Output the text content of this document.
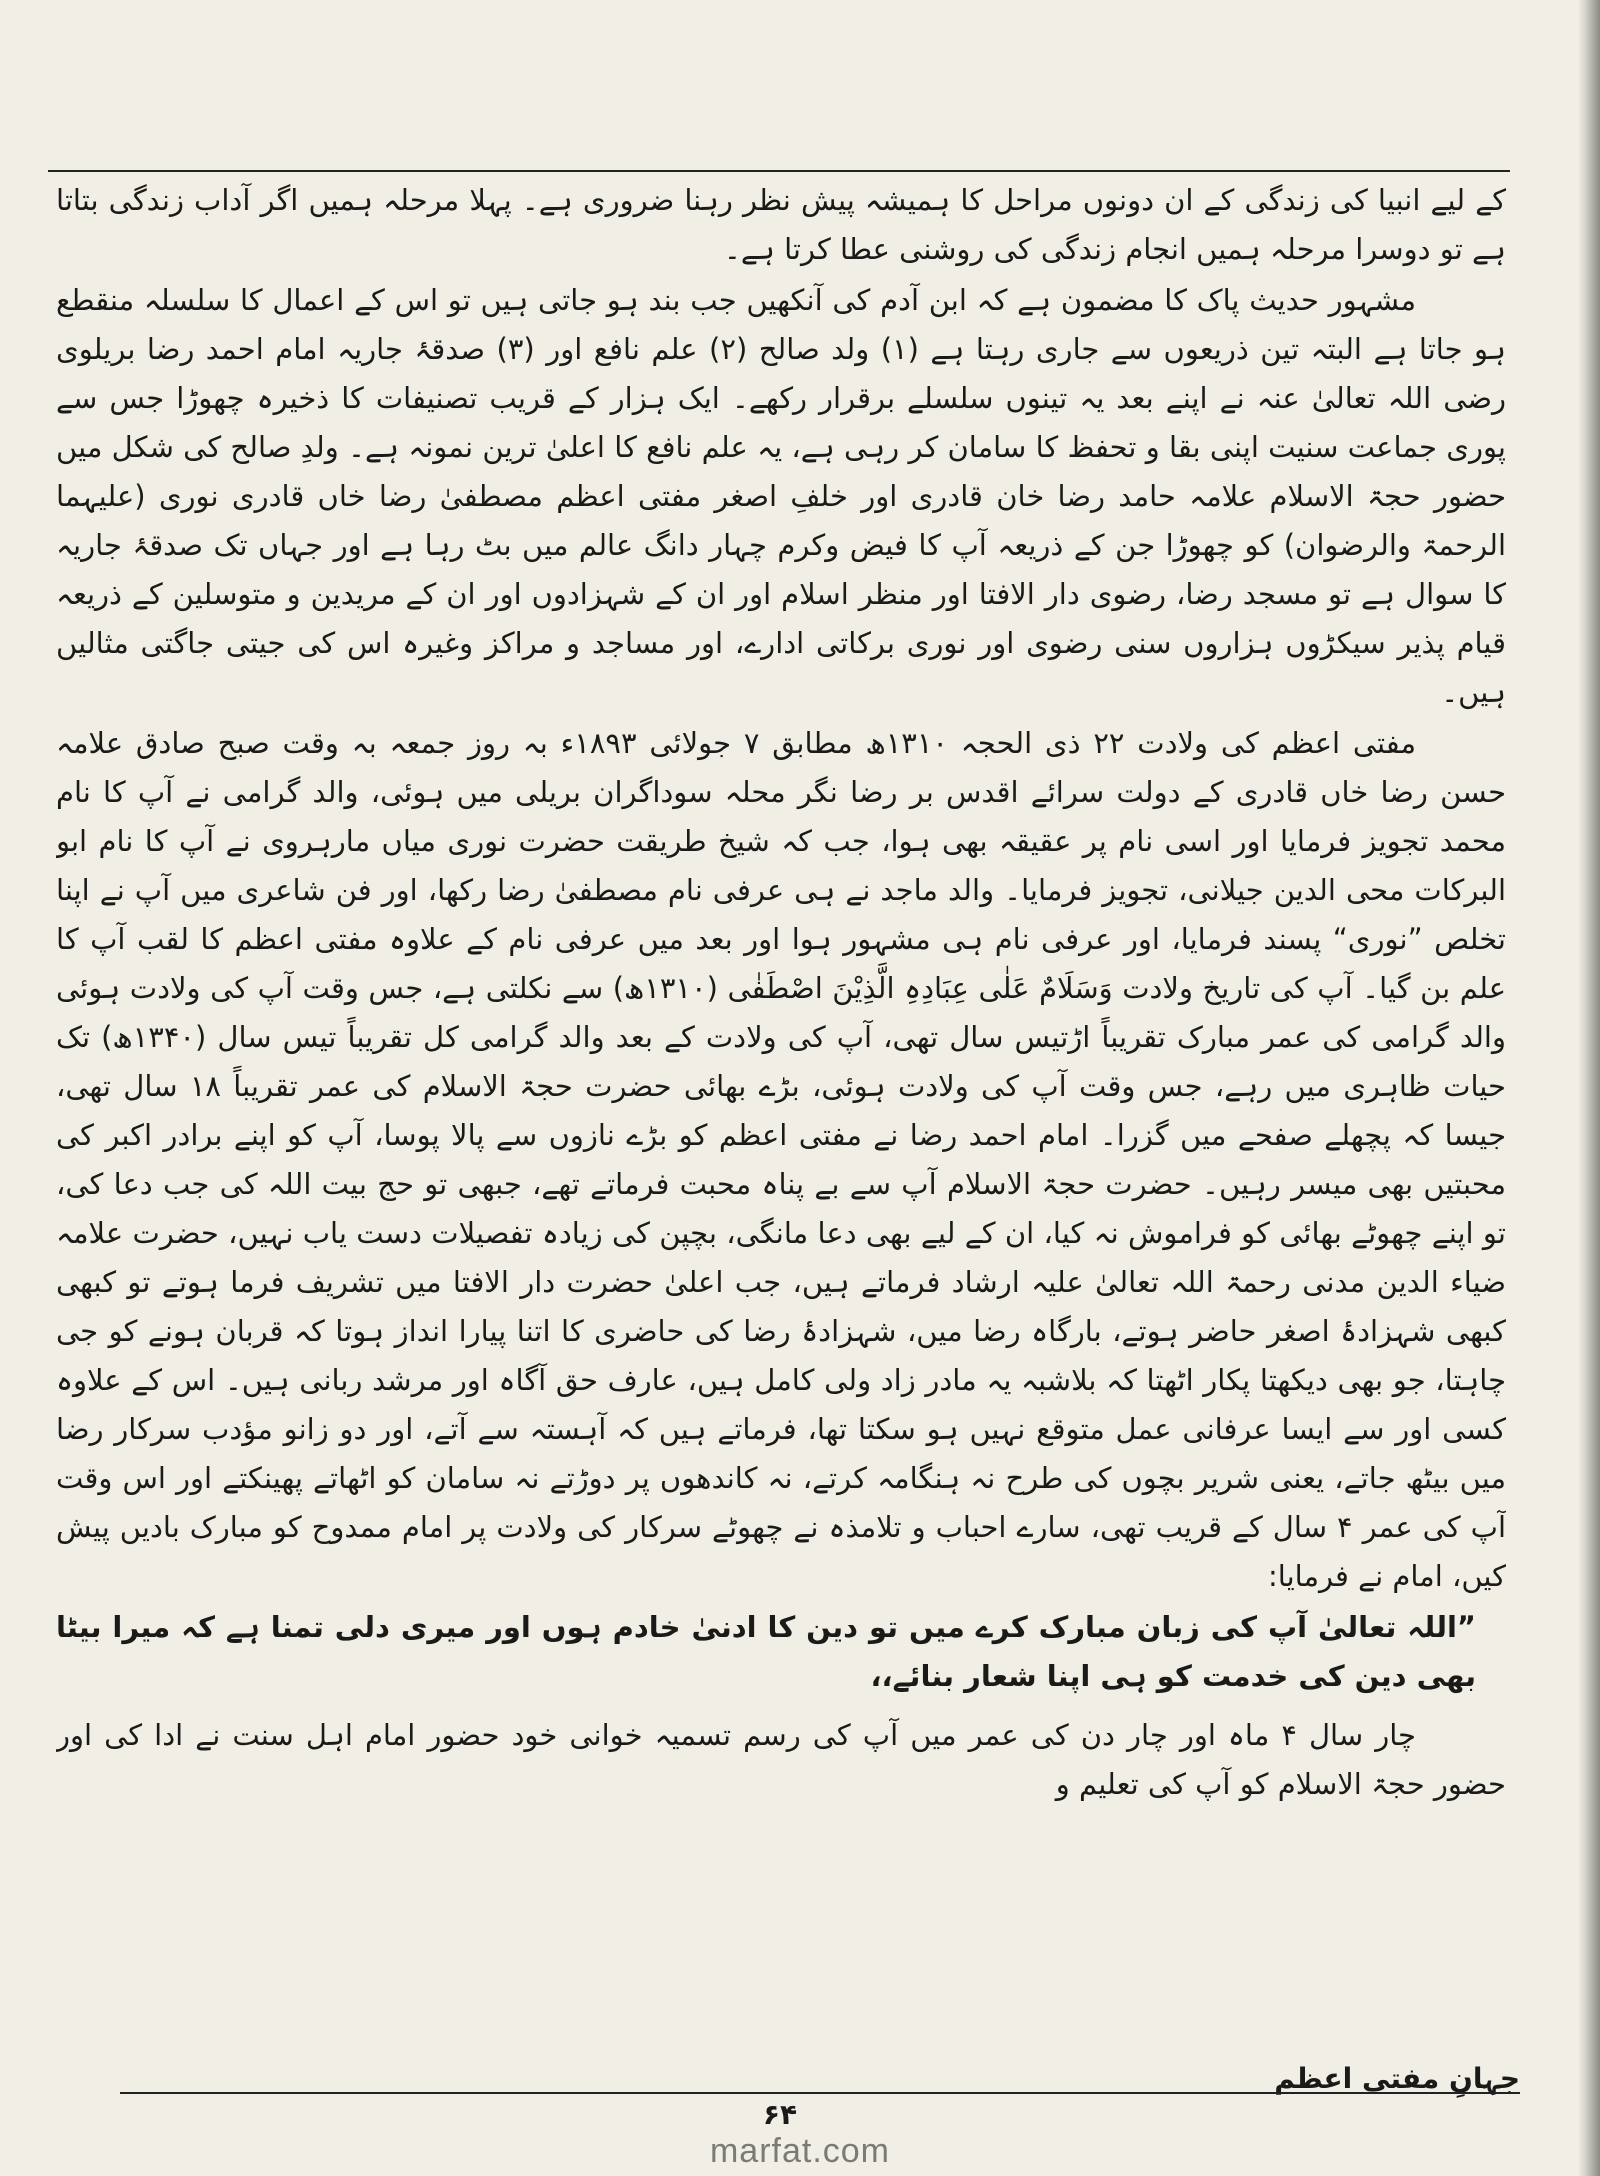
کے لیے انبیا کی زندگی کے ان دونوں مراحل کا ہمیشہ پیش نظر رہنا ضروری ہے۔ پہلا مرحلہ ہمیں اگر آداب زندگی بتاتا ہے تو دوسرا مرحلہ ہمیں انجام زندگی کی روشنی عطا کرتا ہے۔

مشہور حدیث پاک کا مضمون ہے کہ ابن آدم کی آنکھیں جب بند ہو جاتی ہیں تو اس کے اعمال کا سلسلہ منقطع ہو جاتا ہے البتہ تین ذریعوں سے جاری رہتا ہے (۱) ولد صالح (۲) علم نافع اور (۳) صدقۂ جاریہ امام احمد رضا بریلوی رضی اللہ تعالیٰ عنہ نے اپنے بعد یہ تینوں سلسلے برقرار رکھے۔ ایک ہزار کے قریب تصنیفات کا ذخیرہ چھوڑا جس سے پوری جماعت سنیت اپنی بقا و تحفظ کا سامان کر رہی ہے، یہ علم نافع کا اعلیٰ ترین نمونہ ہے۔ ولدِ صالح کی شکل میں حضور حجۃ الاسلام علامہ حامد رضا خان قادری اور خلفِ اصغر مفتی اعظم مصطفیٰ رضا خاں قادری نوری (علیہما الرحمۃ والرضوان) کو چھوڑا جن کے ذریعہ آپ کا فیض وکرم چہار دانگ عالم میں بٹ رہا ہے اور جہاں تک صدقۂ جاریہ کا سوال ہے تو مسجد رضا، رضوی دار الافتا اور منظر اسلام اور ان کے شہزادوں اور ان کے مریدین و متوسلین کے ذریعہ قیام پذیر سیکڑوں ہزاروں سنی رضوی اور نوری برکاتی ادارے، اور مساجد و مراکز وغیرہ اس کی جیتی جاگتی مثالیں ہیں۔

مفتی اعظم کی ولادت ۲۲ ذی الحجہ ۱۳۱۰ھ مطابق ۷ جولائی ۱۸۹۳ء بہ روز جمعہ بہ وقت صبح صادق علامہ حسن رضا خاں قادری کے دولت سرائے اقدس بر رضا نگر محلہ سوداگران بریلی میں ہوئی، والد گرامی نے آپ کا نام محمد تجویز فرمایا اور اسی نام پر عقیقہ بھی ہوا، جب کہ شیخ طریقت حضرت نوری میاں مارہروی نے آپ کا نام ابو البرکات محی الدین جیلانی، تجویز فرمایا۔ والد ماجد نے ہی عرفی نام مصطفیٰ رضا رکھا، اور فن شاعری میں آپ نے اپنا تخلص ”نوری“ پسند فرمایا، اور عرفی نام ہی مشہور ہوا اور بعد میں عرفی نام کے علاوہ مفتی اعظم کا لقب آپ کا علم بن گیا۔ آپ کی تاریخ ولادت وَسَلَامٌ عَلٰی عِبَادِہِ الَّذِیْنَ اصْطَفٰی (۱۳۱۰ھ) سے نکلتی ہے، جس وقت آپ کی ولادت ہوئی والد گرامی کی عمر مبارک تقریباً اڑتیس سال تھی، آپ کی ولادت کے بعد والد گرامی کل تقریباً تیس سال (۱۳۴۰ھ) تک حیات ظاہری میں رہے، جس وقت آپ کی ولادت ہوئی، بڑے بھائی حضرت حجۃ الاسلام کی عمر تقریباً ۱۸ سال تھی، جیسا کہ پچھلے صفحے میں گزرا۔ امام احمد رضا نے مفتی اعظم کو بڑے نازوں سے پالا پوسا، آپ کو اپنے برادر اکبر کی محبتیں بھی میسر رہیں۔ حضرت حجۃ الاسلام آپ سے بے پناہ محبت فرماتے تھے، جبھی تو حج بیت اللہ کی جب دعا کی، تو اپنے چھوٹے بھائی کو فراموش نہ کیا، ان کے لیے بھی دعا مانگی، بچپن کی زیادہ تفصیلات دست یاب نہیں، حضرت علامہ ضیاء الدین مدنی رحمۃ اللہ تعالیٰ علیہ ارشاد فرماتے ہیں، جب اعلیٰ حضرت دار الافتا میں تشریف فرما ہوتے تو کبھی کبھی شہزادۂ اصغر حاضر ہوتے، بارگاہ رضا میں، شہزادۂ رضا کی حاضری کا اتنا پیارا انداز ہوتا کہ قربان ہونے کو جی چاہتا، جو بھی دیکھتا پکار اٹھتا کہ بلاشبہ یہ مادر زاد ولی کامل ہیں، عارف حق آگاہ اور مرشد ربانی ہیں۔ اس کے علاوہ کسی اور سے ایسا عرفانی عمل متوقع نہیں ہو سکتا تھا، فرماتے ہیں کہ آہستہ سے آتے، اور دو زانو مؤدب سرکار رضا میں بیٹھ جاتے، یعنی شریر بچوں کی طرح نہ ہنگامہ کرتے، نہ کاندھوں پر دوڑتے نہ سامان کو اٹھاتے پھینکتے اور اس وقت آپ کی عمر ۴ سال کے قریب تھی، سارے احباب و تلامذہ نے چھوٹے سرکار کی ولادت پر امام ممدوح کو مبارک بادیں پیش کیں، امام نے فرمایا:

”اللہ تعالیٰ آپ کی زبان مبارک کرے میں تو دین کا ادنیٰ خادم ہوں اور میری دلی تمنا ہے کہ میرا بیٹا بھی دین کی خدمت کو ہی اپنا شعار بنائے،،

چار سال ۴ ماہ اور چار دن کی عمر میں آپ کی رسم تسمیہ خوانی خود حضور امام اہل سنت نے ادا کی اور حضور حجۃ الاسلام کو آپ کی تعلیم و

جہانِ مفتی اعظم
۶۴
marfat.com
